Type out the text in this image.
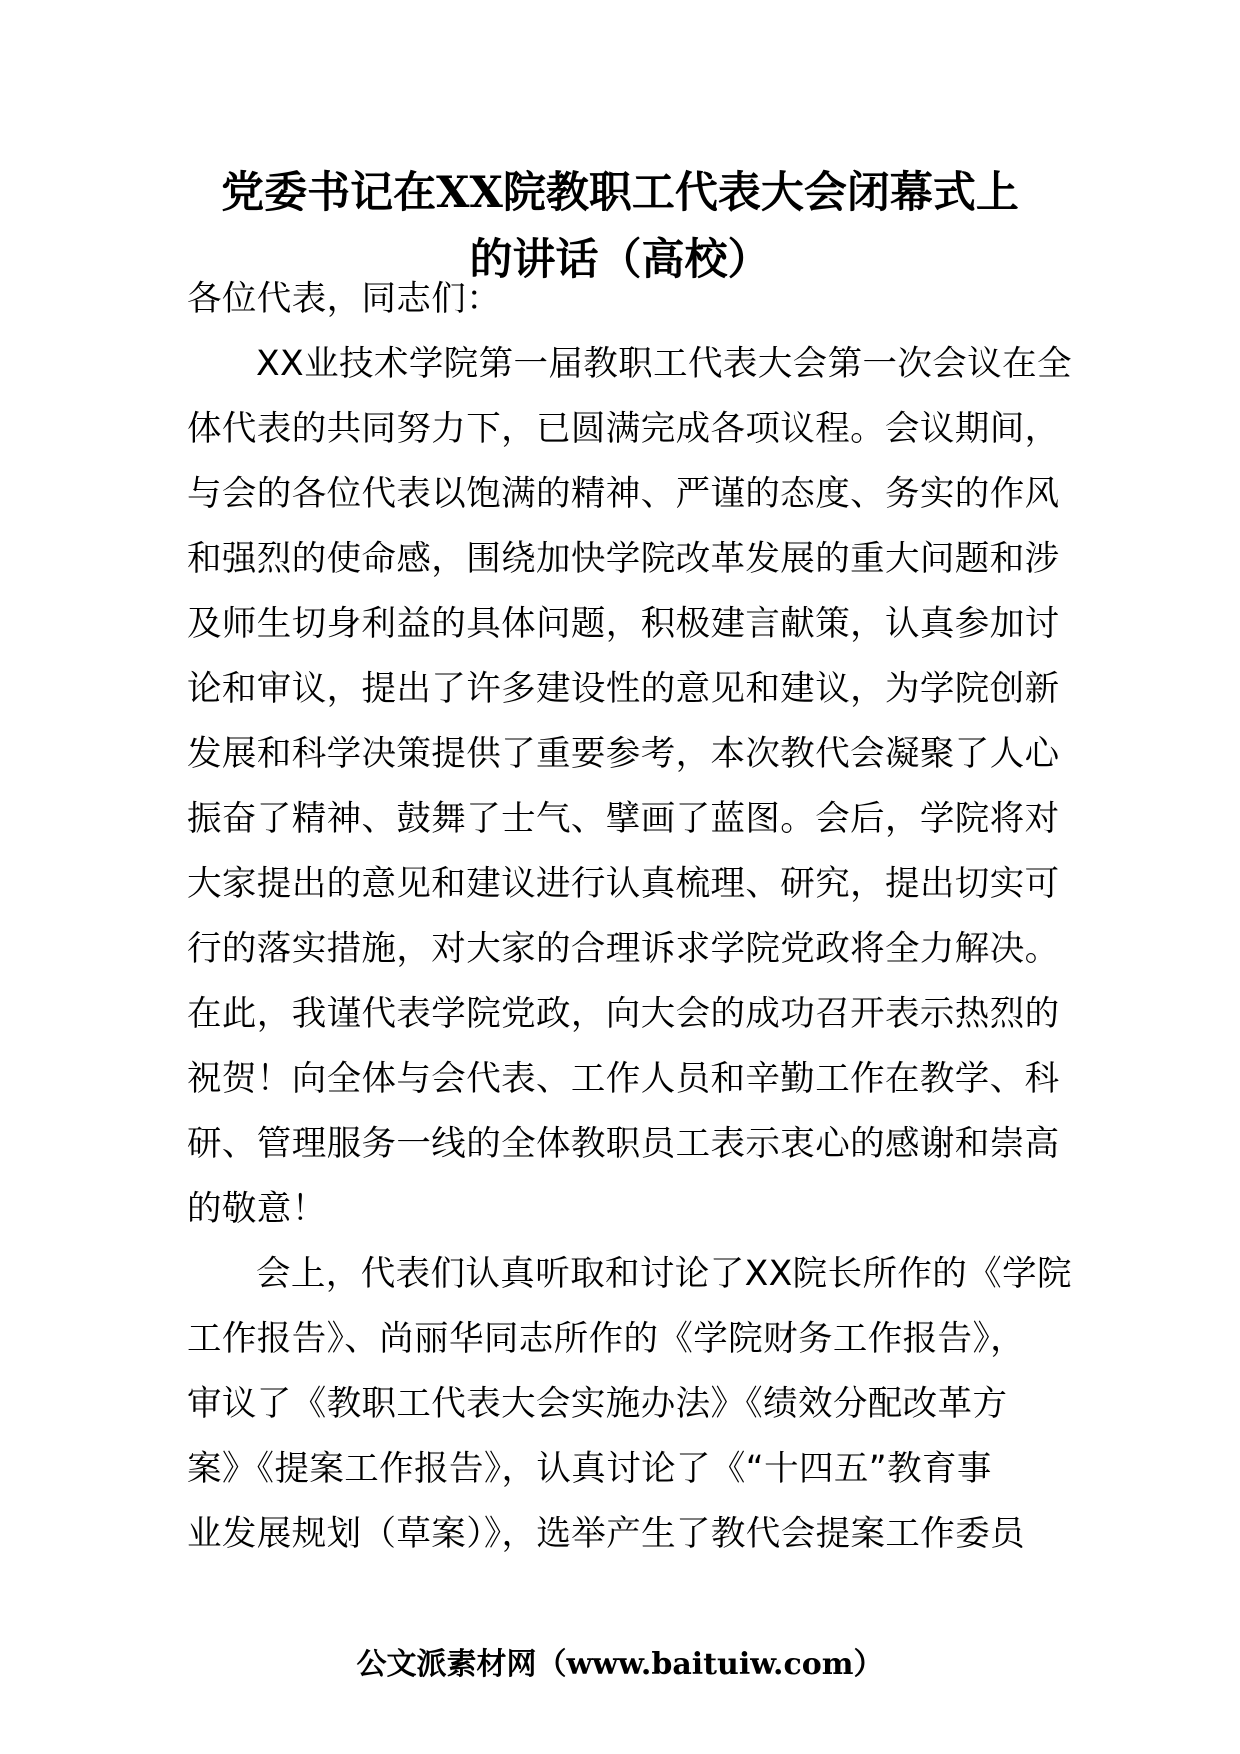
党委书记在XX院教职工代表大会闭幕式上
的讲话（高校）
各位代表，同志们：
XX业技术学院第一届教职工代表大会第一次会议在全
体代表的共同努力下，已圆满完成各项议程。会议期间，
与会的各位代表以饱满的精神、严谨的态度、务实的作风
和强烈的使命感，围绕加快学院改革发展的重大问题和涉
及师生切身利益的具体问题，积极建言献策，认真参加讨
论和审议，提出了许多建设性的意见和建议，为学院创新
发展和科学决策提供了重要参考，本次教代会凝聚了人心
振奋了精神、鼓舞了士气、擘画了蓝图。会后，学院将对
大家提出的意见和建议进行认真梳理、研究，提出切实可
行的落实措施，对大家的合理诉求学院党政将全力解决。
在此，我谨代表学院党政，向大会的成功召开表示热烈的
祝贺！向全体与会代表、工作人员和辛勤工作在教学、科
研、管理服务一线的全体教职员工表示衷心的感谢和崇高
的敬意！
会上，代表们认真听取和讨论了XX院长所作的《学院
工作报告》、尚丽华同志所作的《学院财务工作报告》，
审议了《教职工代表大会实施办法》《绩效分配改革方
案》《提案工作报告》，认真讨论了《“十四五”教育事
业发展规划（草案）》，选举产生了教代会提案工作委员
公文派素材网（www.baituiw.com）
